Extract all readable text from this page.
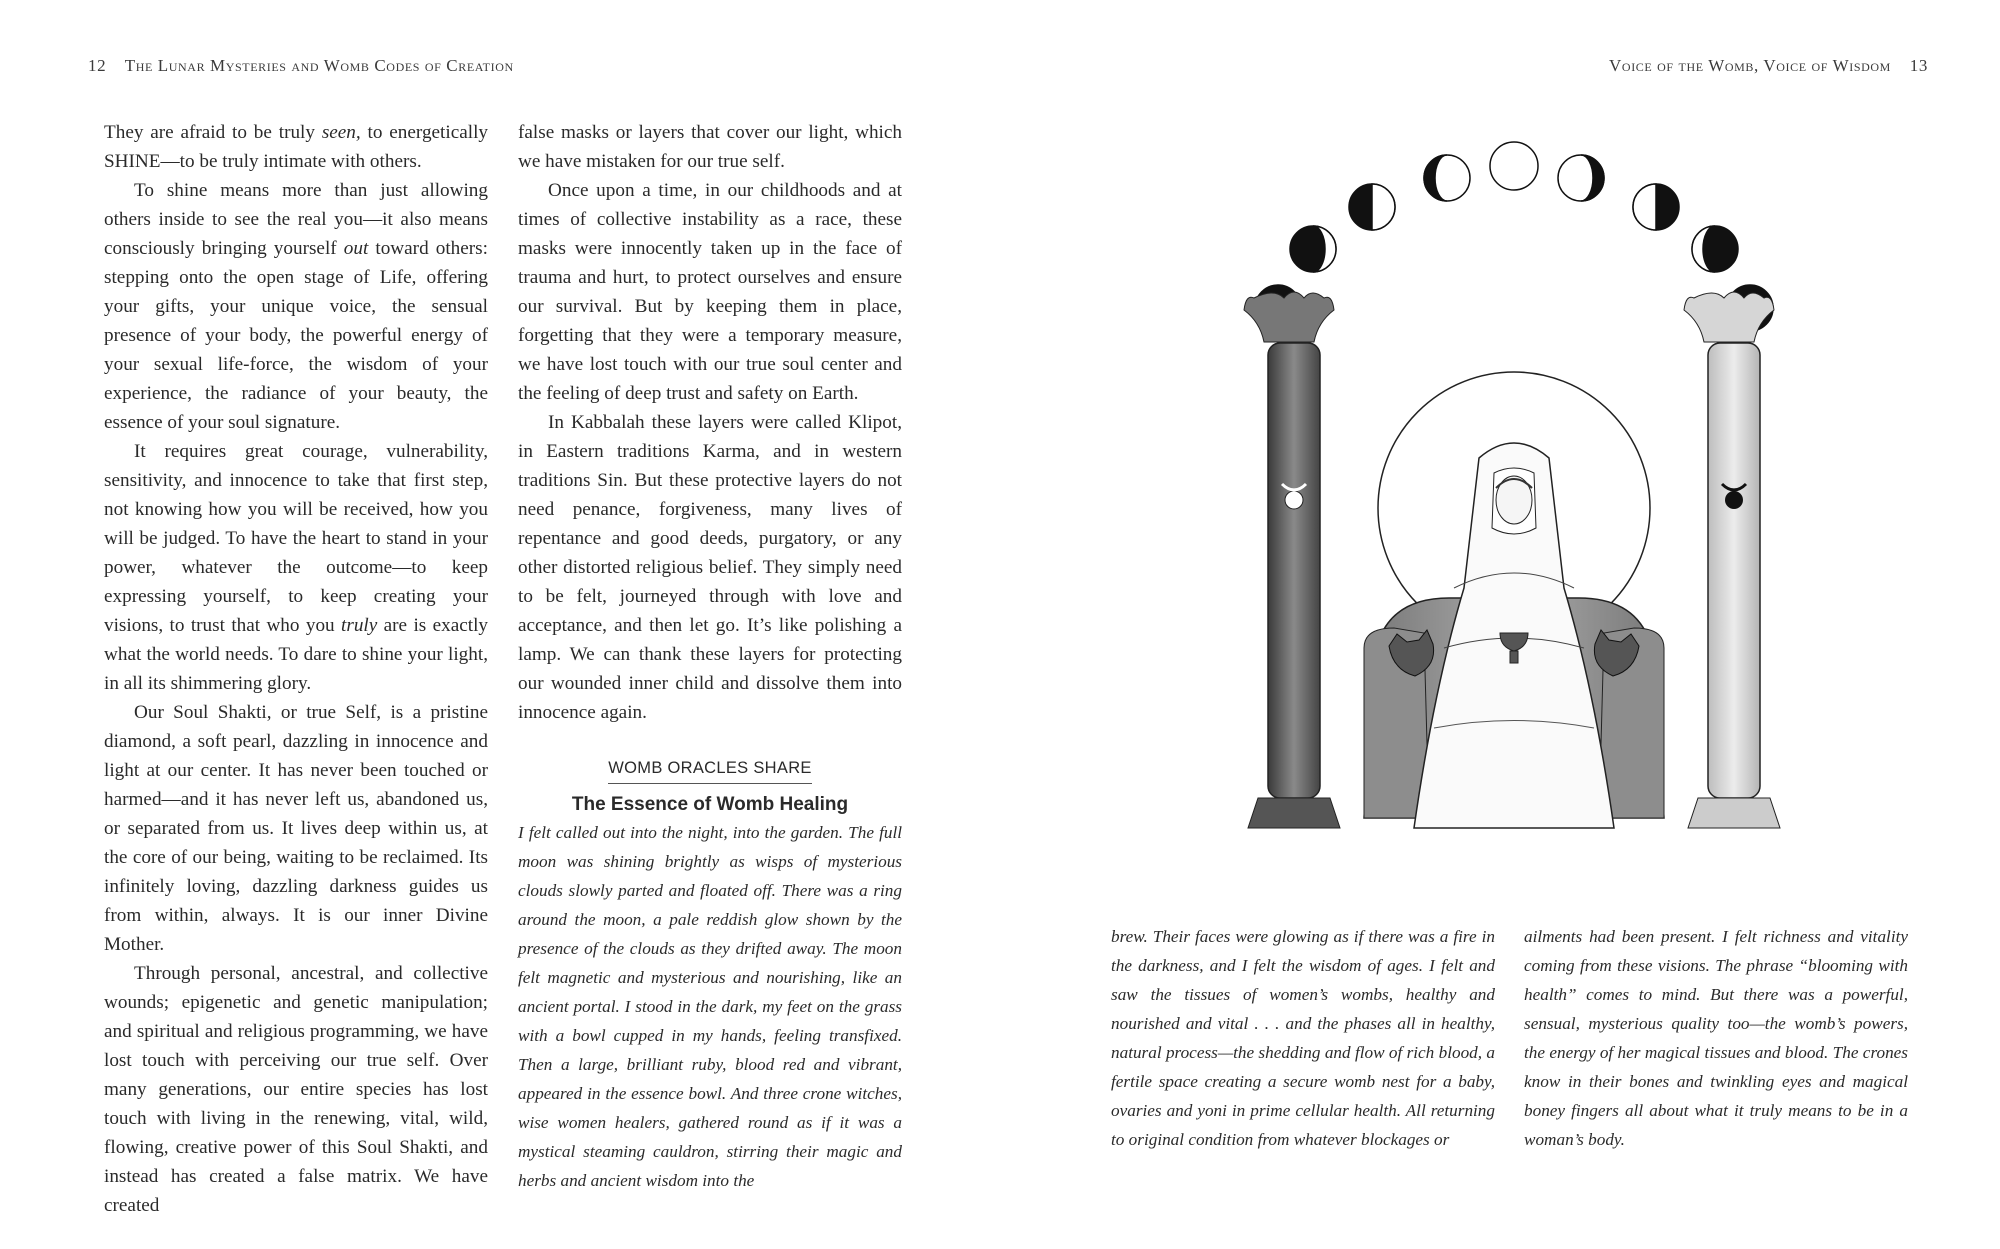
12 The Lunar Mysteries and Womb Codes of Creation	Voice of the Womb, Voice of Wisdom 13

They are afraid to be truly seen, to energetically SHINE—to be truly intimate with others.

To shine means more than just allowing others inside to see the real you—it also means consciously bringing yourself out toward others: stepping onto the open stage of Life, offering your gifts, your unique voice, the sensual presence of your body, the powerful energy of your sexual life-force, the wisdom of your experience, the radiance of your beauty, the essence of your soul signature.

It requires great courage, vulnerability, sensitivity, and innocence to take that first step, not knowing how you will be received, how you will be judged. To have the heart to stand in your power, whatever the outcome—to keep expressing yourself, to keep creating your visions, to trust that who you truly are is exactly what the world needs. To dare to shine your light, in all its shimmering glory.

Our Soul Shakti, or true Self, is a pristine diamond, a soft pearl, dazzling in innocence and light at our center. It has never been touched or harmed—and it has never left us, abandoned us, or separated from us. It lives deep within us, at the core of our being, waiting to be reclaimed. Its infinitely loving, dazzling darkness guides us from within, always. It is our inner Divine Mother.

Through personal, ancestral, and collective wounds; epigenetic and genetic manipulation; and spiritual and religious programming, we have lost touch with perceiving our true self. Over many generations, our entire species has lost touch with living in the renewing, vital, wild, flowing, creative power of this Soul Shakti, and instead has created a false matrix. We have created

false masks or layers that cover our light, which we have mistaken for our true self.

Once upon a time, in our childhoods and at times of collective instability as a race, these masks were innocently taken up in the face of trauma and hurt, to protect ourselves and ensure our survival. But by keeping them in place, forgetting that they were a temporary measure, we have lost touch with our true soul center and the feeling of deep trust and safety on Earth.

In Kabbalah these layers were called Klipot, in Eastern traditions Karma, and in western traditions Sin. But these protective layers do not need penance, forgiveness, many lives of repentance and good deeds, purgatory, or any other distorted religious belief. They simply need to be felt, journeyed through with love and acceptance, and then let go. It’s like polishing a lamp. We can thank these layers for protecting our wounded inner child and dissolve them into innocence again.

WOMB ORACLES SHARE
The Essence of Womb Healing

I felt called out into the night, into the garden. The full moon was shining brightly as wisps of mysterious clouds slowly parted and floated off. There was a ring around the moon, a pale reddish glow shown by the presence of the clouds as they drifted away. The moon felt magnetic and mysterious and nourishing, like an ancient portal. I stood in the dark, my feet on the grass with a bowl cupped in my hands, feeling transfixed. Then a large, brilliant ruby, blood red and vibrant, appeared in the essence bowl. And three crone witches, wise women healers, gathered round as if it was a mystical steaming cauldron, stirring their magic and herbs and ancient wisdom into the

brew. Their faces were glowing as if there was a fire in the darkness, and I felt the wisdom of ages. I felt and saw the tissues of women’s wombs, healthy and nourished and vital . . . and the phases all in healthy, natural process—the shedding and flow of rich blood, a fertile space creating a secure womb nest for a baby, ovaries and yoni in prime cellular health. All returning to original condition from whatever blockages or

ailments had been present. I felt richness and vitality coming from these visions. The phrase “blooming with health” comes to mind. But there was a powerful, sensual, mysterious quality too—the womb’s powers, the energy of her magical tissues and blood. The crones know in their bones and twinkling eyes and magical boney fingers all about what it truly means to be in a woman’s body.
